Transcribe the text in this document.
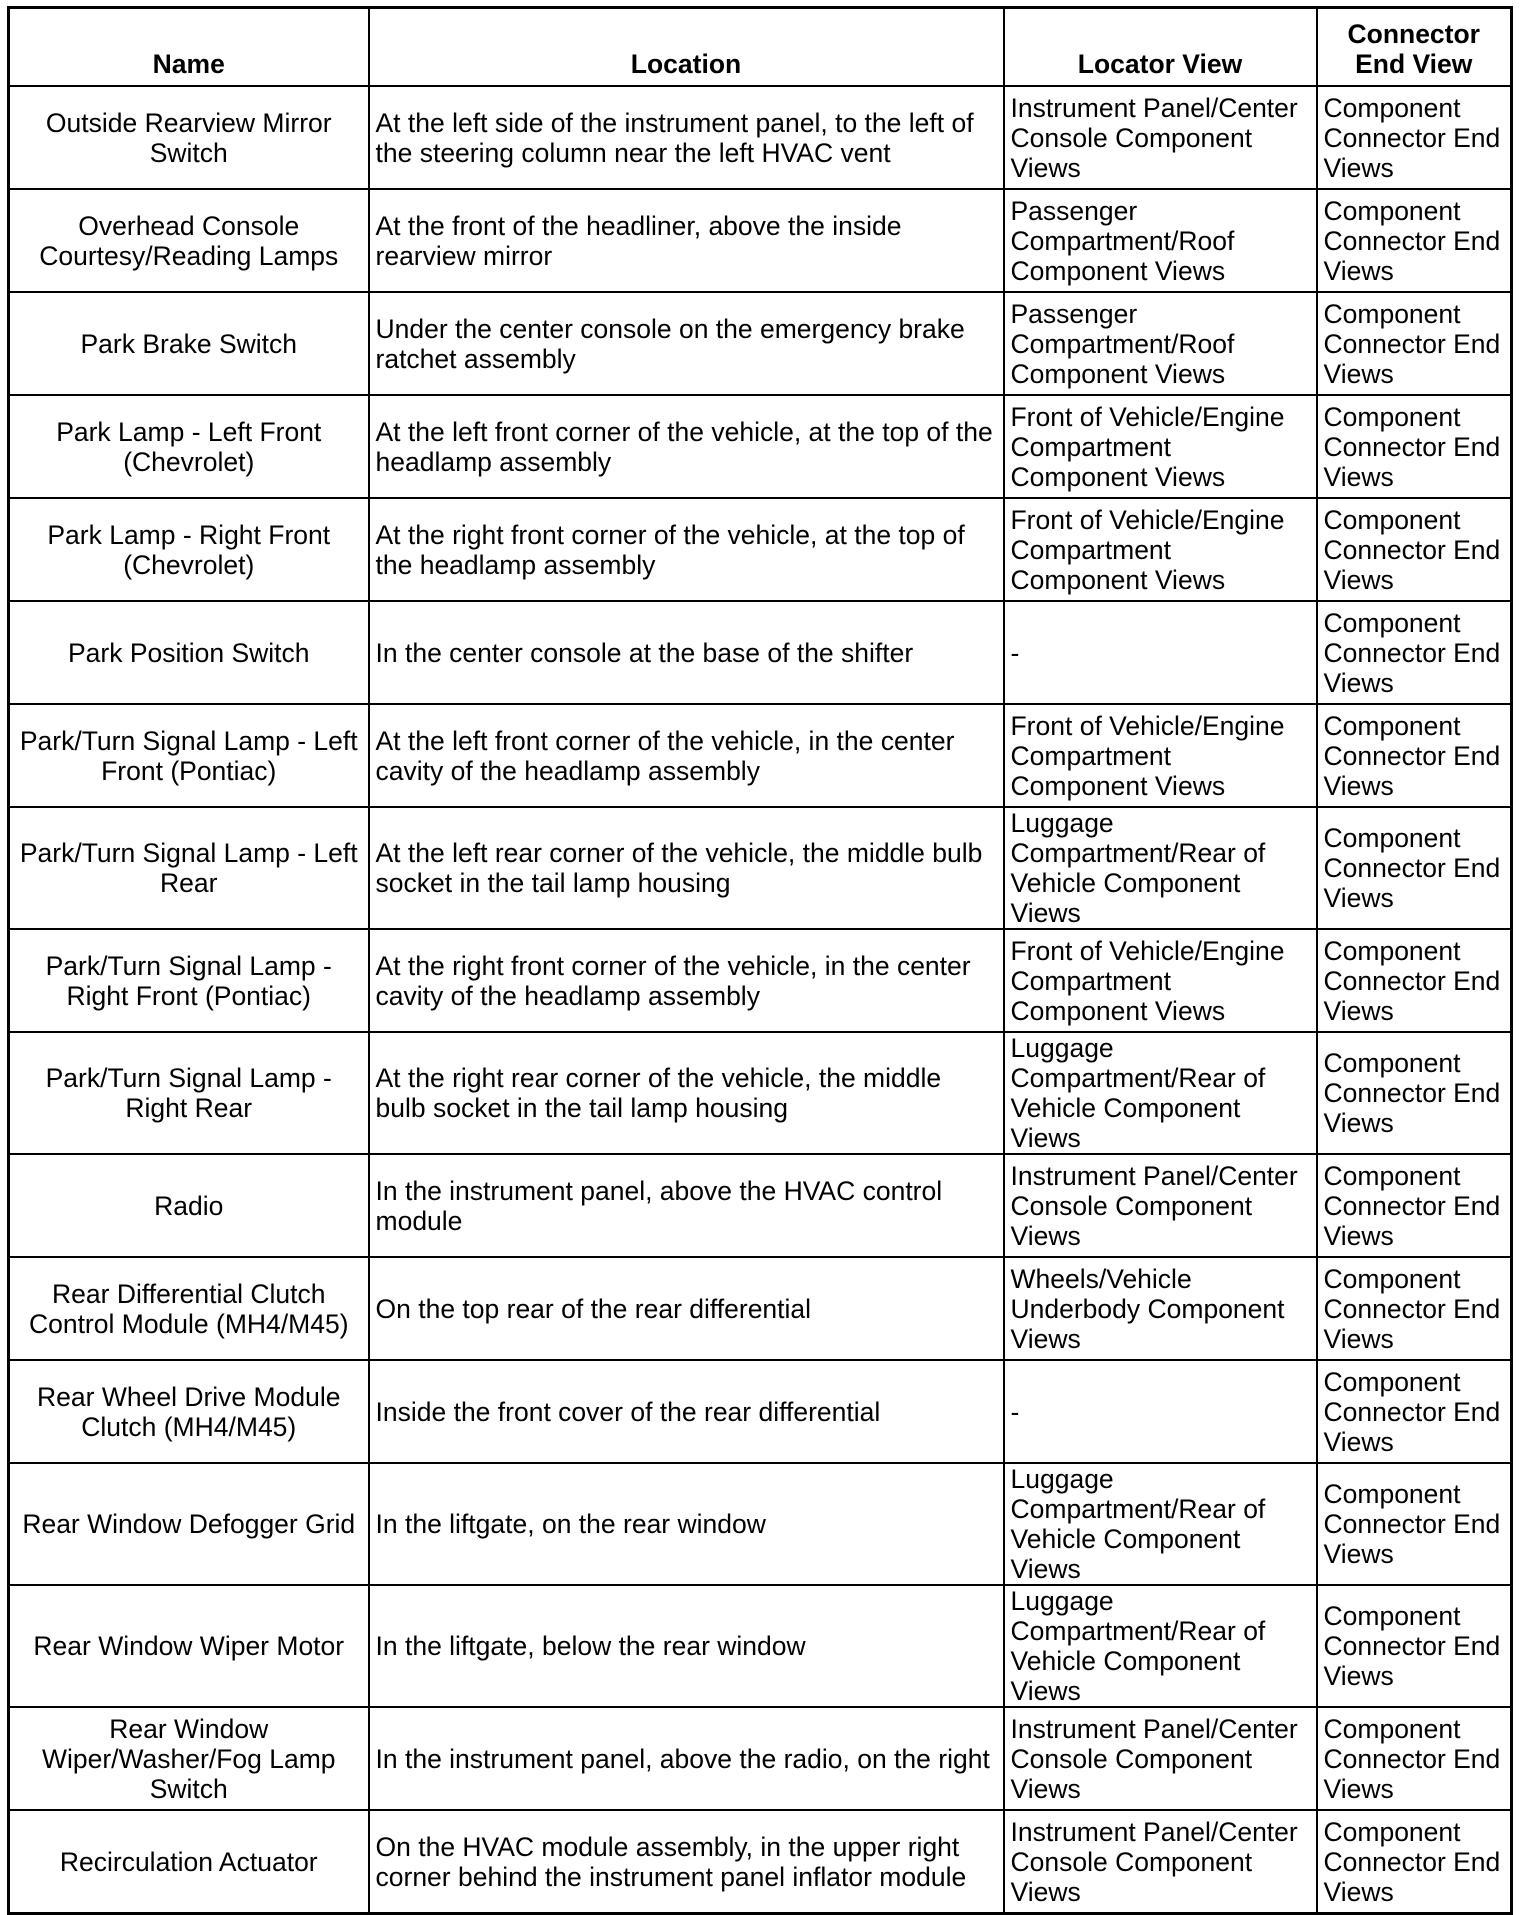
Name	Location	Locator View	Connector End View
Outside Rearview Mirror Switch	At the left side of the instrument panel, to the left of the steering column near the left HVAC vent	Instrument Panel/Center Console Component Views	Component Connector End Views
Overhead Console Courtesy/Reading Lamps	At the front of the headliner, above the inside rearview mirror	Passenger Compartment/Roof Component Views	Component Connector End Views
Park Brake Switch	Under the center console on the emergency brake ratchet assembly	Passenger Compartment/Roof Component Views	Component Connector End Views
Park Lamp - Left Front (Chevrolet)	At the left front corner of the vehicle, at the top of the headlamp assembly	Front of Vehicle/Engine Compartment Component Views	Component Connector End Views
Park Lamp - Right Front (Chevrolet)	At the right front corner of the vehicle, at the top of the headlamp assembly	Front of Vehicle/Engine Compartment Component Views	Component Connector End Views
Park Position Switch	In the center console at the base of the shifter	-	Component Connector End Views
Park/Turn Signal Lamp - Left Front (Pontiac)	At the left front corner of the vehicle, in the center cavity of the headlamp assembly	Front of Vehicle/Engine Compartment Component Views	Component Connector End Views
Park/Turn Signal Lamp - Left Rear	At the left rear corner of the vehicle, the middle bulb socket in the tail lamp housing	Luggage Compartment/Rear of Vehicle Component Views	Component Connector End Views
Park/Turn Signal Lamp - Right Front (Pontiac)	At the right front corner of the vehicle, in the center cavity of the headlamp assembly	Front of Vehicle/Engine Compartment Component Views	Component Connector End Views
Park/Turn Signal Lamp - Right Rear	At the right rear corner of the vehicle, the middle bulb socket in the tail lamp housing	Luggage Compartment/Rear of Vehicle Component Views	Component Connector End Views
Radio	In the instrument panel, above the HVAC control module	Instrument Panel/Center Console Component Views	Component Connector End Views
Rear Differential Clutch Control Module (MH4/M45)	On the top rear of the rear differential	Wheels/Vehicle Underbody Component Views	Component Connector End Views
Rear Wheel Drive Module Clutch (MH4/M45)	Inside the front cover of the rear differential	-	Component Connector End Views
Rear Window Defogger Grid	In the liftgate, on the rear window	Luggage Compartment/Rear of Vehicle Component Views	Component Connector End Views
Rear Window Wiper Motor	In the liftgate, below the rear window	Luggage Compartment/Rear of Vehicle Component Views	Component Connector End Views
Rear Window Wiper/Washer/Fog Lamp Switch	In the instrument panel, above the radio, on the right	Instrument Panel/Center Console Component Views	Component Connector End Views
Recirculation Actuator	On the HVAC module assembly, in the upper right corner behind the instrument panel inflator module	Instrument Panel/Center Console Component Views	Component Connector End Views
